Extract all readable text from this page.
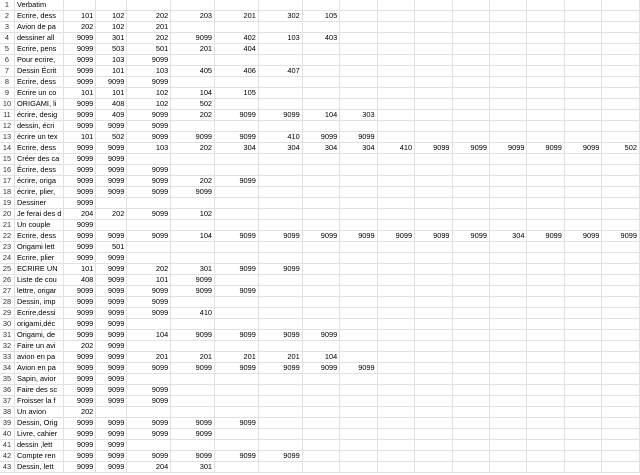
1	Verbatim															
2	Ecrire, dess	101	102	202	203	201	302	105								
3	Avion de pa	202	102	201												
4	dessiner all	9099	301	202	9099	402	103	403								
5	Ecrire, pens	9099	503	501	201	404										
6	Pour ecrire,	9099	103	9099												
7	Dessin Écrit	9099	101	103	405	406	407									
8	Ecrire, dess	9099	9099	9099												
9	Ecrire un co	101	101	102	104	105										
10	ORIGAMI, li	9099	408	102	502											
11	écrire, desig	9099	409	9099	202	9099	9099	104	303							
12	dessin, écri	9099	9099	9099												
13	écrire un tex	101	502	9099	9099	9099	410	9099	9099							
14	Ecrire, dess	9099	9099	103	202	304	304	304	304	410	9099	9099	9099	9099	9099	502
15	Créer des ca	9099	9099													
16	Écrire, dess	9099	9099	9099												
17	écrire, origa	9099	9099	9099	202	9099										
18	écrire, plier,	9099	9099	9099	9099											
19	Dessiner	9099														
20	Je ferai des d	204	202	9099	102											
21	Un couple	9099														
22	Ecrire, dess	9099	9099	9099	104	9099	9099	9099	9099	9099	9099	9099	304	9099	9099	9099
23	Origami lett	9099	501													
24	Ecrire, plier	9099	9099													
25	ECRIRE UN	101	9099	202	301	9099	9099									
26	Liste de cou	408	9099	101	9099											
27	lettre, origar	9099	9099	9099	9099	9099										
28	Dessin, imp	9099	9099	9099												
29	Ecrire,dessi	9099	9099	9099	410											
30	origami,déc	9099	9099													
31	Origami, de	9099	9099	104	9099	9099	9099	9099								
32	Faire un avi	202	9099													
33	avion en pa	9099	9099	201	201	201	201	104								
34	Avion en pa	9099	9099	9099	9099	9099	9099	9099	9099							
35	Sapin, avior	9099	9099													
36	Faire des sc	9099	9099	9099												
37	Froisser la f	9099	9099	9099												
38	Un avion	202														
39	Dessin, Orig	9099	9099	9099	9099	9099										
40	Livre, cahier	9099	9099	9099	9099											
41	dessin ,lett	9099	9099													
42	Compte ren	9099	9099	9099	9099	9099	9099									
43	Dessin, lett	9099	9099	204	301											
